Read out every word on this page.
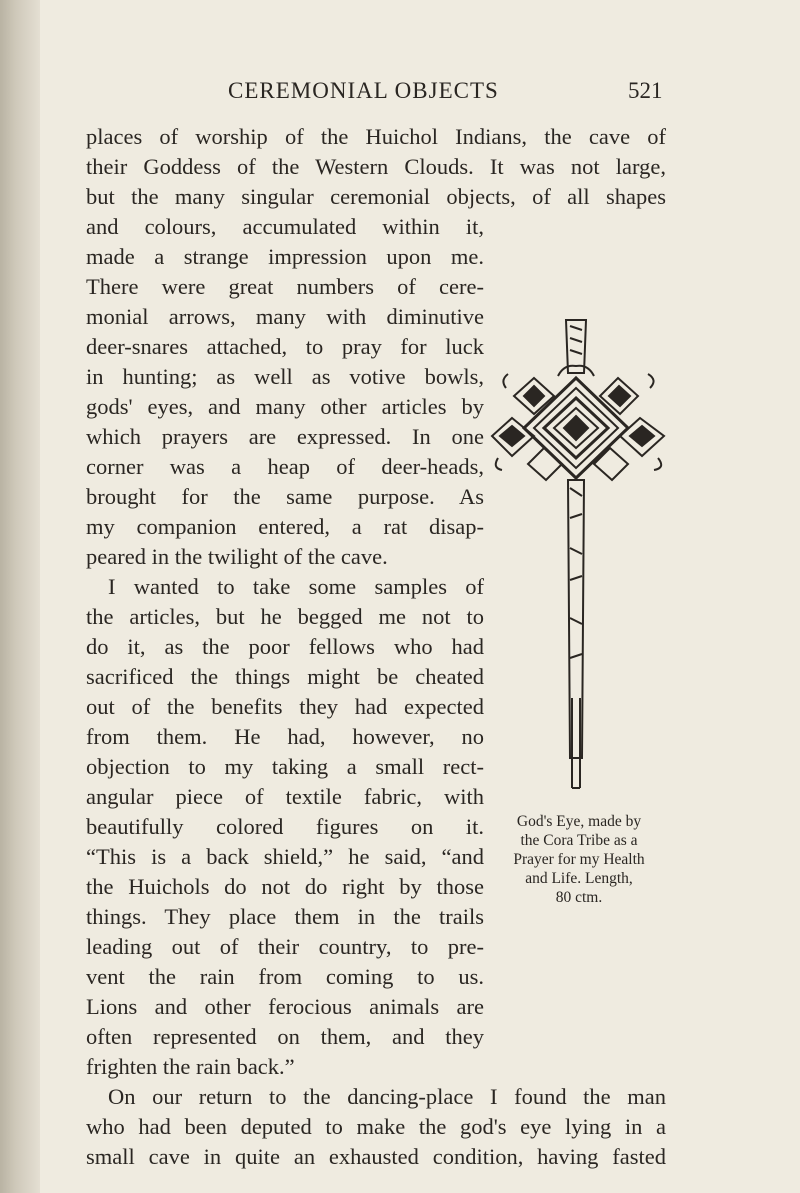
CEREMONIAL OBJECTS	521
places of worship of the Huichol Indians, the cave of
their Goddess of the Western Clouds. It was not large,
but the many singular ceremonial objects, of all shapes
and colours, accumulated within it,
made a strange impression upon me.
There were great numbers of cere-
monial arrows, many with diminutive
deer-snares attached, to pray for luck
in hunting; as well as votive bowls,
gods' eyes, and many other articles by
which prayers are expressed. In one
corner was a heap of deer-heads,
brought for the same purpose. As
my companion entered, a rat disap-
peared in the twilight of the cave.
I wanted to take some samples of
the articles, but he begged me not to
do it, as the poor fellows who had
sacrificed the things might be cheated
out of the benefits they had expected
from them. He had, however, no
objection to my taking a small rect-
angular piece of textile fabric, with
beautifully colored figures on it.
“This is a back shield,” he said, “and
the Huichols do not do right by those
things. They place them in the trails
leading out of their country, to pre-
vent the rain from coming to us.
Lions and other ferocious animals are
often represented on them, and they
frighten the rain back.”
On our return to the dancing-place I found the man
who had been deputed to make the god's eye lying in a
small cave in quite an exhausted condition, having fasted
God's Eye, made by
the Cora Tribe as a
Prayer for my Health
and Life. Length,
80 ctm.
